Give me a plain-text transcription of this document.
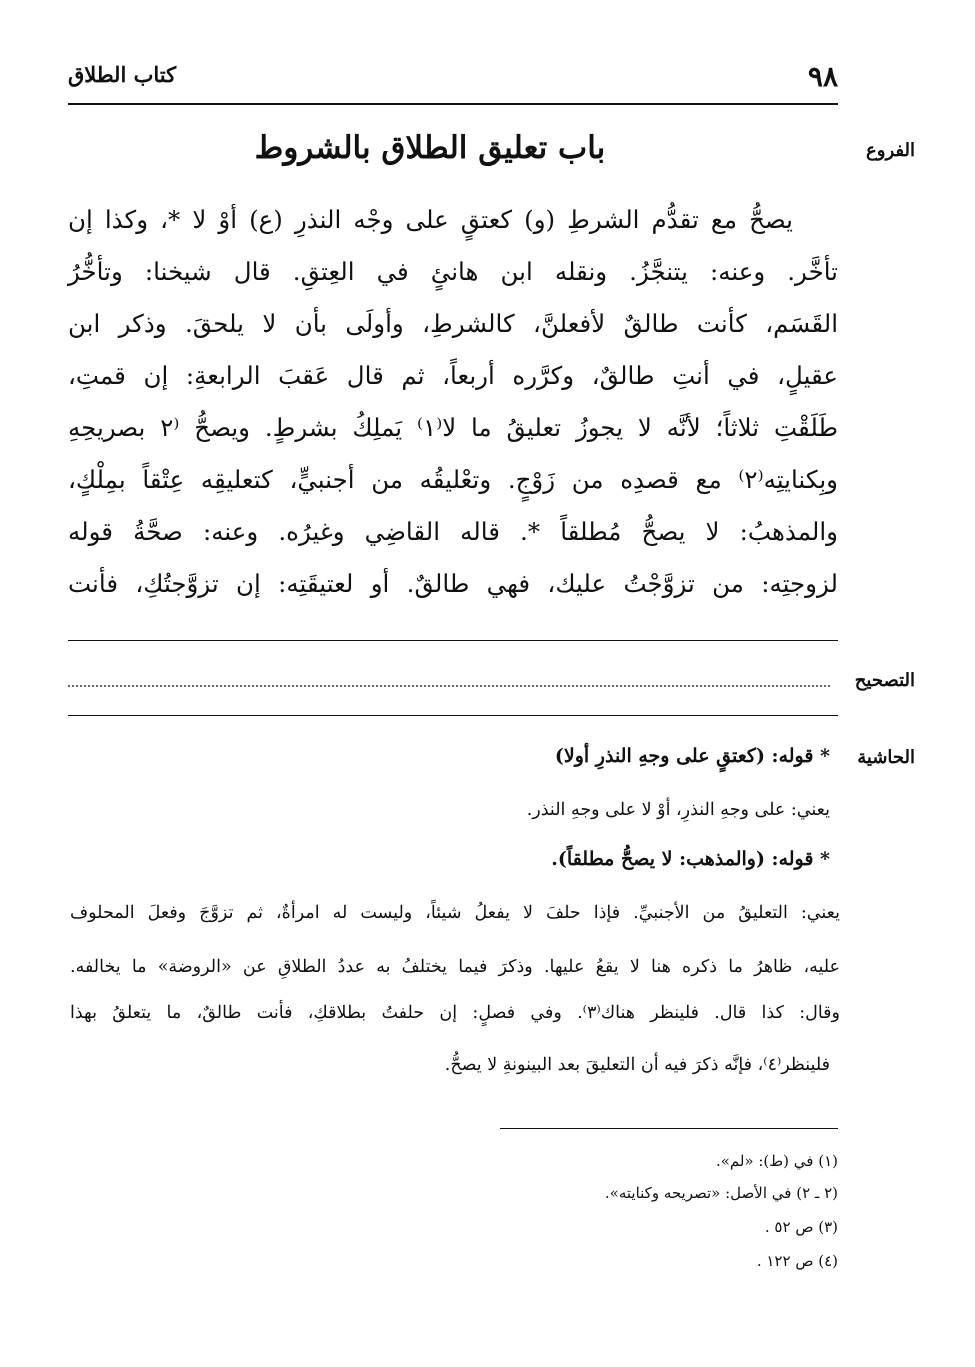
٩٨
كتاب الطلاق
الفروع
التصحيح
الحاشية
باب تعليق الطلاق بالشروط
يصحُّ مع تقدُّم الشرطِ (و) كعتقٍ على وجْه النذرِ (ع) أوْ لا *، وكذا إن
تأخَّر. وعنه: يتنجَّزُ. ونقله ابن هانئٍ في العِتقِ. قال شيخنا: وتأخُّرُ
القَسَم، كأنت طالقٌ لأفعلنَّ، كالشرطِ، وأولَى بأن لا يلحقَ. وذكر ابن
عقيلٍ، في أنتِ طالقٌ، وكرَّره أربعاً، ثم قال عَقبَ الرابعةِ: إن قمتِ،
طَلَقْتِ ثلاثاً؛ لأنَّه لا يجوزُ تعليقُ ما لا⁽١⁾ يَملِكُ بشرطٍ. ويصحُّ ⁽٢ بصريحِهِ
وبِكنايتِه⁽٢⁾ مع قصدِه من زَوْجٍ. وتعْليقُه من أجنبيٍّ، كتعليقِه عِتْقاً بمِلْكٍ،
والمذهبُ: لا يصحُّ مُطلقاً *. قاله القاضِي وغيرُه. وعنه: صحَّةُ قوله
لزوجتِه: من تزوَّجْتُ عليك، فهي طالقٌ. أو لعتيقَتِه: إن تزوَّجتُكِ، فأنت
* قوله: (كعتقٍ على وجهِ النذرِ أولا)
يعني: على وجهِ النذرِ، أوْ لا على وجهِ النذر.
* قوله: (والمذهب: لا يصحُّ مطلقاً).
يعني: التعليقُ من الأجنبيِّ. فإذا حلفَ لا يفعلُ شيئاً، وليست له امرأةٌ، ثم تزوَّجَ وفعلَ المحلوف
عليه، ظاهرُ ما ذكره هنا لا يقعُ عليها. وذكرَ فيما يختلفُ به عددُ الطلاقِ عن «الروضة» ما يخالفه.
وقال: كذا قال. فلينظر هناك⁽٣⁾. وفي فصلٍ: إن حلفتُ بطلاقكِ، فأنت طالقٌ، ما يتعلقُ بهذا
فلينظر⁽٤⁾، فإنَّه ذكرَ فيه أن التعليقَ بعد البينونةِ لا يصحُّ.
(١) في (ط): «لم».
(٢ ـ ٢) في الأصل: «تصريحه وكنايته».
(٣) ص ٥٢ .
(٤) ص ١٢٢ .
